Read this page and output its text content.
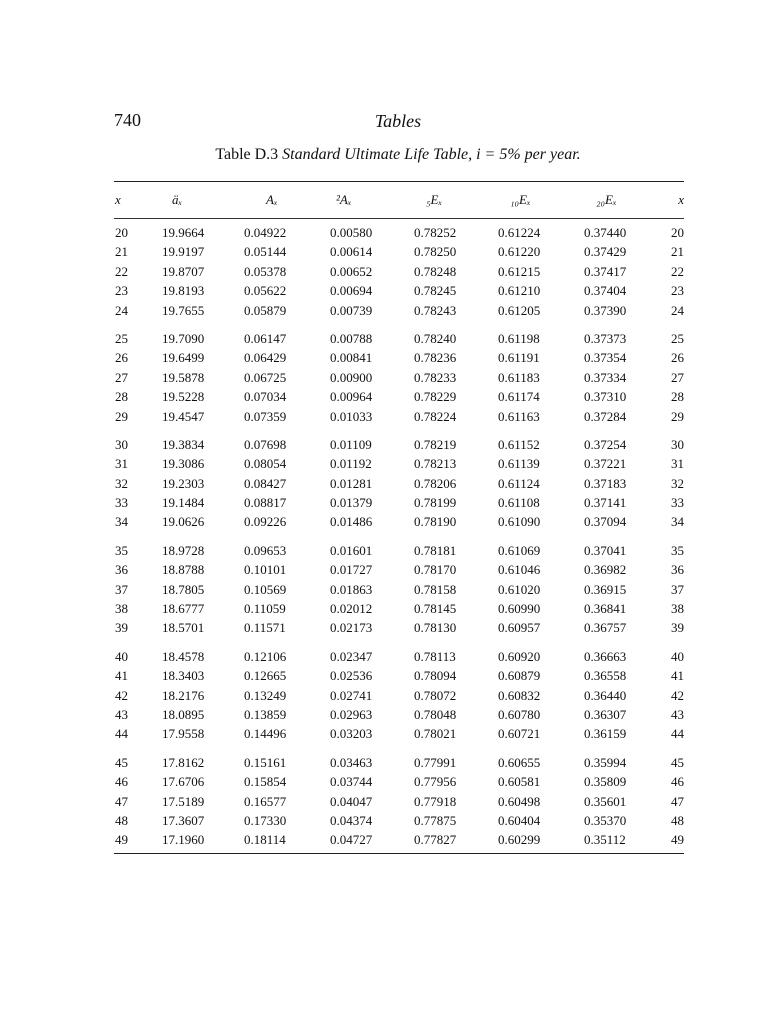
740	Tables
Table D.3 Standard Ultimate Life Table, i = 5% per year.
x	äₓ	Aₓ	²Aₓ	₅Eₓ	₁₀Eₓ	₂₀Eₓ	x
20	19.9664	0.04922	0.00580	0.78252	0.61224	0.37440	20
21	19.9197	0.05144	0.00614	0.78250	0.61220	0.37429	21
22	19.8707	0.05378	0.00652	0.78248	0.61215	0.37417	22
23	19.8193	0.05622	0.00694	0.78245	0.61210	0.37404	23
24	19.7655	0.05879	0.00739	0.78243	0.61205	0.37390	24
25	19.7090	0.06147	0.00788	0.78240	0.61198	0.37373	25
26	19.6499	0.06429	0.00841	0.78236	0.61191	0.37354	26
27	19.5878	0.06725	0.00900	0.78233	0.61183	0.37334	27
28	19.5228	0.07034	0.00964	0.78229	0.61174	0.37310	28
29	19.4547	0.07359	0.01033	0.78224	0.61163	0.37284	29
30	19.3834	0.07698	0.01109	0.78219	0.61152	0.37254	30
31	19.3086	0.08054	0.01192	0.78213	0.61139	0.37221	31
32	19.2303	0.08427	0.01281	0.78206	0.61124	0.37183	32
33	19.1484	0.08817	0.01379	0.78199	0.61108	0.37141	33
34	19.0626	0.09226	0.01486	0.78190	0.61090	0.37094	34
35	18.9728	0.09653	0.01601	0.78181	0.61069	0.37041	35
36	18.8788	0.10101	0.01727	0.78170	0.61046	0.36982	36
37	18.7805	0.10569	0.01863	0.78158	0.61020	0.36915	37
38	18.6777	0.11059	0.02012	0.78145	0.60990	0.36841	38
39	18.5701	0.11571	0.02173	0.78130	0.60957	0.36757	39
40	18.4578	0.12106	0.02347	0.78113	0.60920	0.36663	40
41	18.3403	0.12665	0.02536	0.78094	0.60879	0.36558	41
42	18.2176	0.13249	0.02741	0.78072	0.60832	0.36440	42
43	18.0895	0.13859	0.02963	0.78048	0.60780	0.36307	43
44	17.9558	0.14496	0.03203	0.78021	0.60721	0.36159	44
45	17.8162	0.15161	0.03463	0.77991	0.60655	0.35994	45
46	17.6706	0.15854	0.03744	0.77956	0.60581	0.35809	46
47	17.5189	0.16577	0.04047	0.77918	0.60498	0.35601	47
48	17.3607	0.17330	0.04374	0.77875	0.60404	0.35370	48
49	17.1960	0.18114	0.04727	0.77827	0.60299	0.35112	49
